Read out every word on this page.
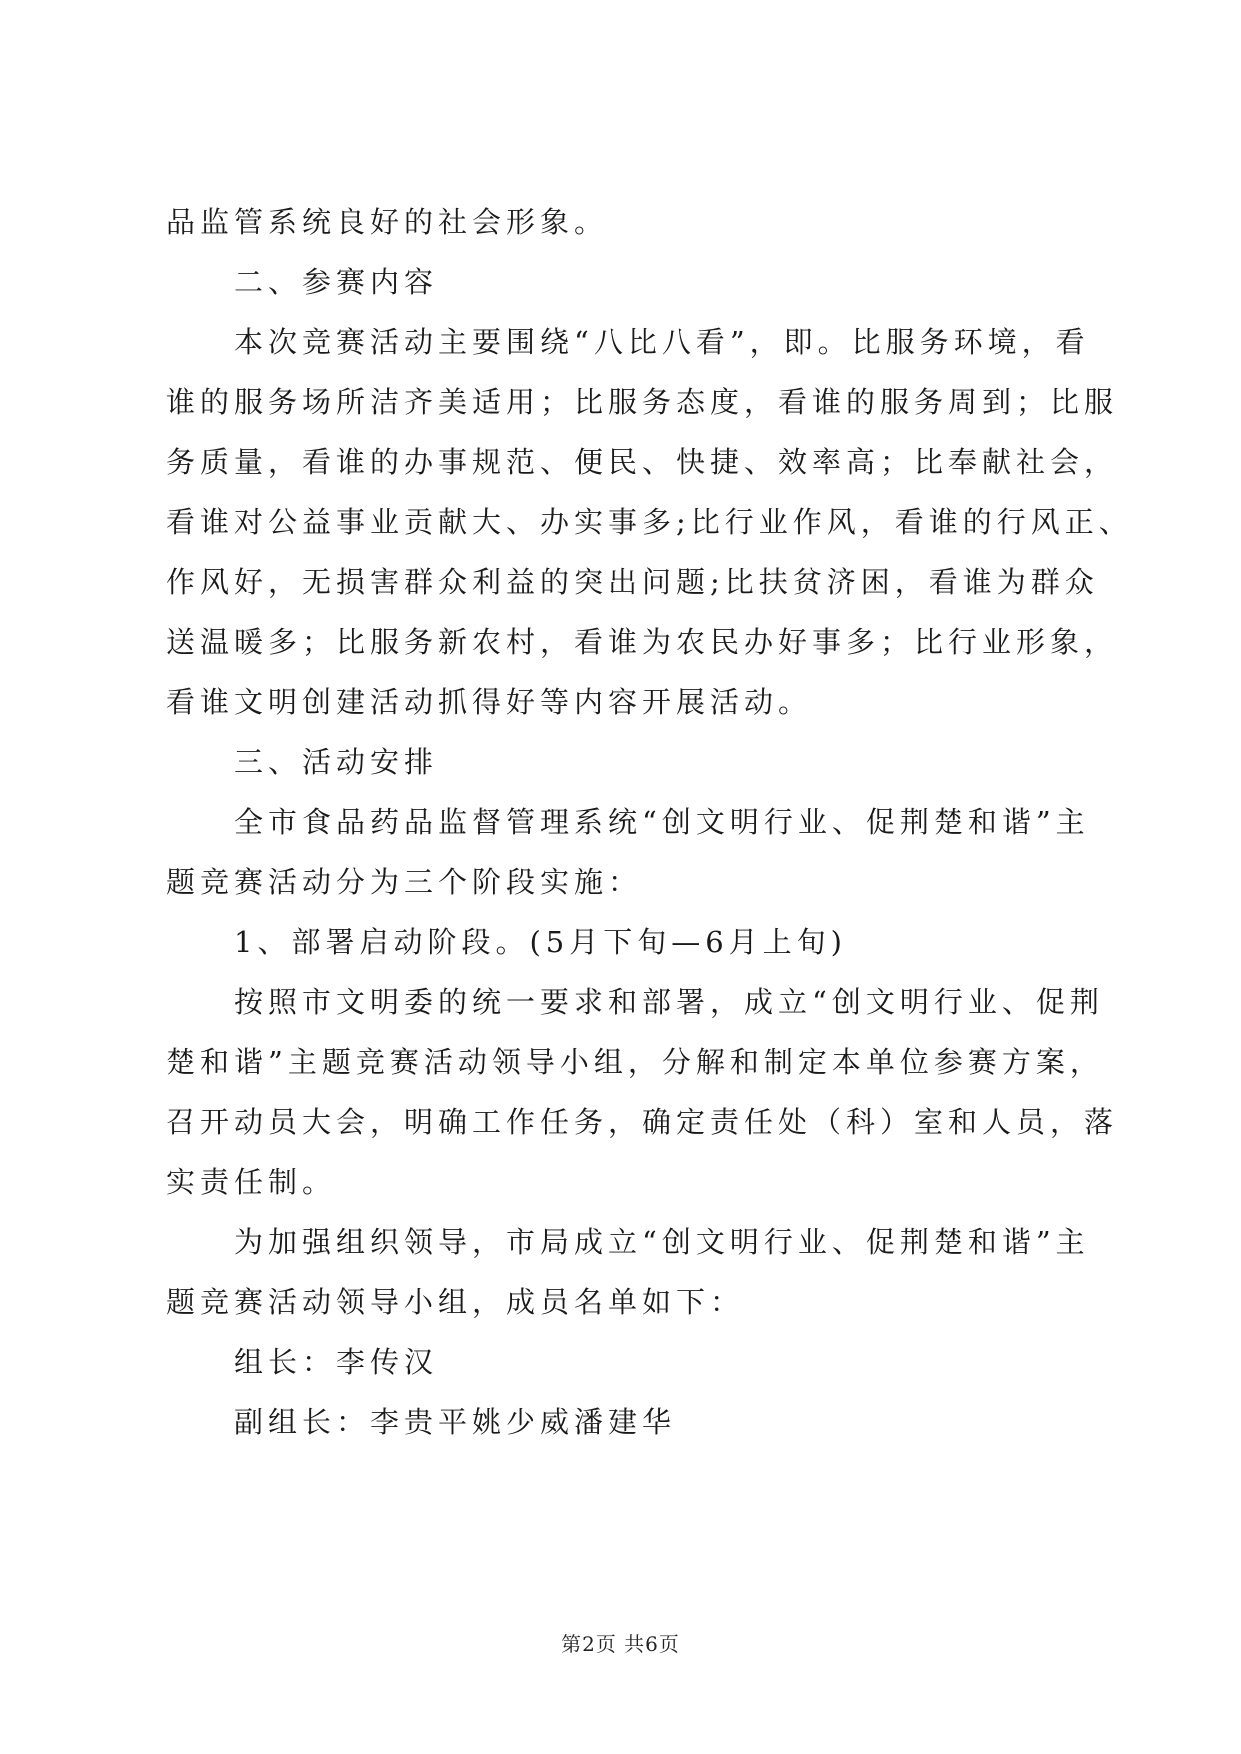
品监管系统良好的社会形象。
二、参赛内容
本次竞赛活动主要围绕“八比八看”，即。比服务环境，看
谁的服务场所洁齐美适用；比服务态度，看谁的服务周到；比服
务质量，看谁的办事规范、便民、快捷、效率高；比奉献社会，
看谁对公益事业贡献大、办实事多;比行业作风，看谁的行风正、
作风好，无损害群众利益的突出问题;比扶贫济困，看谁为群众
送温暖多；比服务新农村，看谁为农民办好事多；比行业形象，
看谁文明创建活动抓得好等内容开展活动。
三、活动安排
全市食品药品监督管理系统“创文明行业、促荆楚和谐”主
题竞赛活动分为三个阶段实施：
1、部署启动阶段。(5月下旬—6月上旬)
按照市文明委的统一要求和部署，成立“创文明行业、促荆
楚和谐”主题竞赛活动领导小组，分解和制定本单位参赛方案，
召开动员大会，明确工作任务，确定责任处（科）室和人员，落
实责任制。
为加强组织领导，市局成立“创文明行业、促荆楚和谐”主
题竞赛活动领导小组，成员名单如下：
组长：李传汉
副组长：李贵平姚少威潘建华
第2页 共6页
